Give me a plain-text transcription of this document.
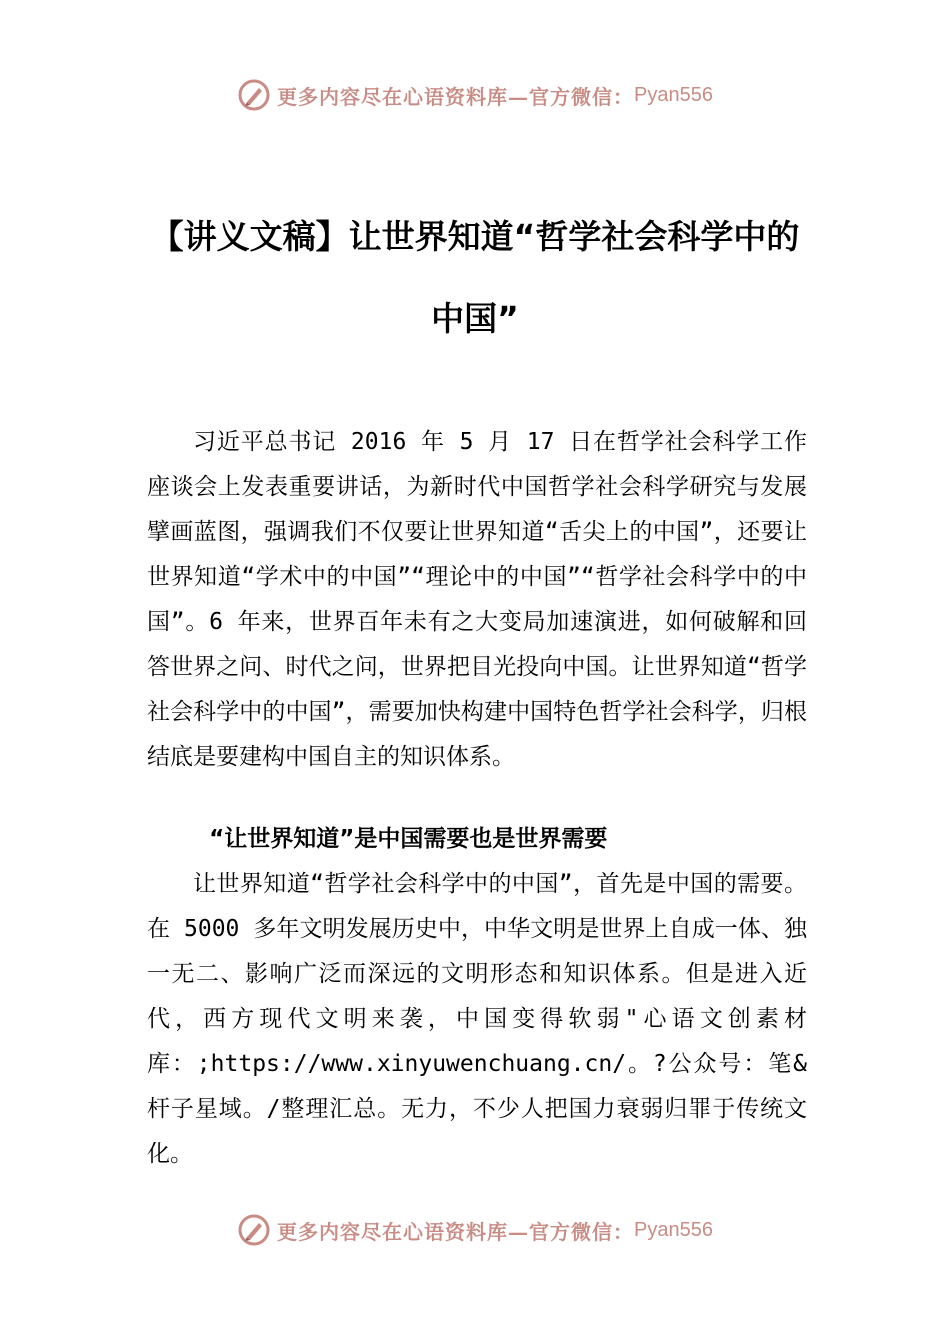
更多内容尽在心语资料库—官方微信： Pyan556
【讲义文稿】让世界知道“哲学社会科学中的中国”

习近平总书记 2016 年 5 月 17 日在哲学社会科学工作座谈会上发表重要讲话，为新时代中国哲学社会科学研究与发展擘画蓝图，强调我们不仅要让世界知道“舌尖上的中国”，还要让世界知道“学术中的中国”“理论中的中国”“哲学社会科学中的中国”。6 年来，世界百年未有之大变局加速演进，如何破解和回答世界之问、时代之问，世界把目光投向中国。让世界知道“哲学社会科学中的中国”，需要加快构建中国特色哲学社会科学，归根结底是要建构中国自主的知识体系。

“让世界知道”是中国需要也是世界需要

让世界知道“哲学社会科学中的中国”，首先是中国的需要。在 5000 多年文明发展历史中，中华文明是世界上自成一体、独一无二、影响广泛而深远的文明形态和知识体系。但是进入近代，西方现代文明来袭，中国变得软弱"心语文创素材库：;https://www.xinyuwenchuang.cn/。?公众号：笔&杆子星域。/整理汇总。无力，不少人把国力衰弱归罪于传统文化。

更多内容尽在心语资料库—官方微信： Pyan556
